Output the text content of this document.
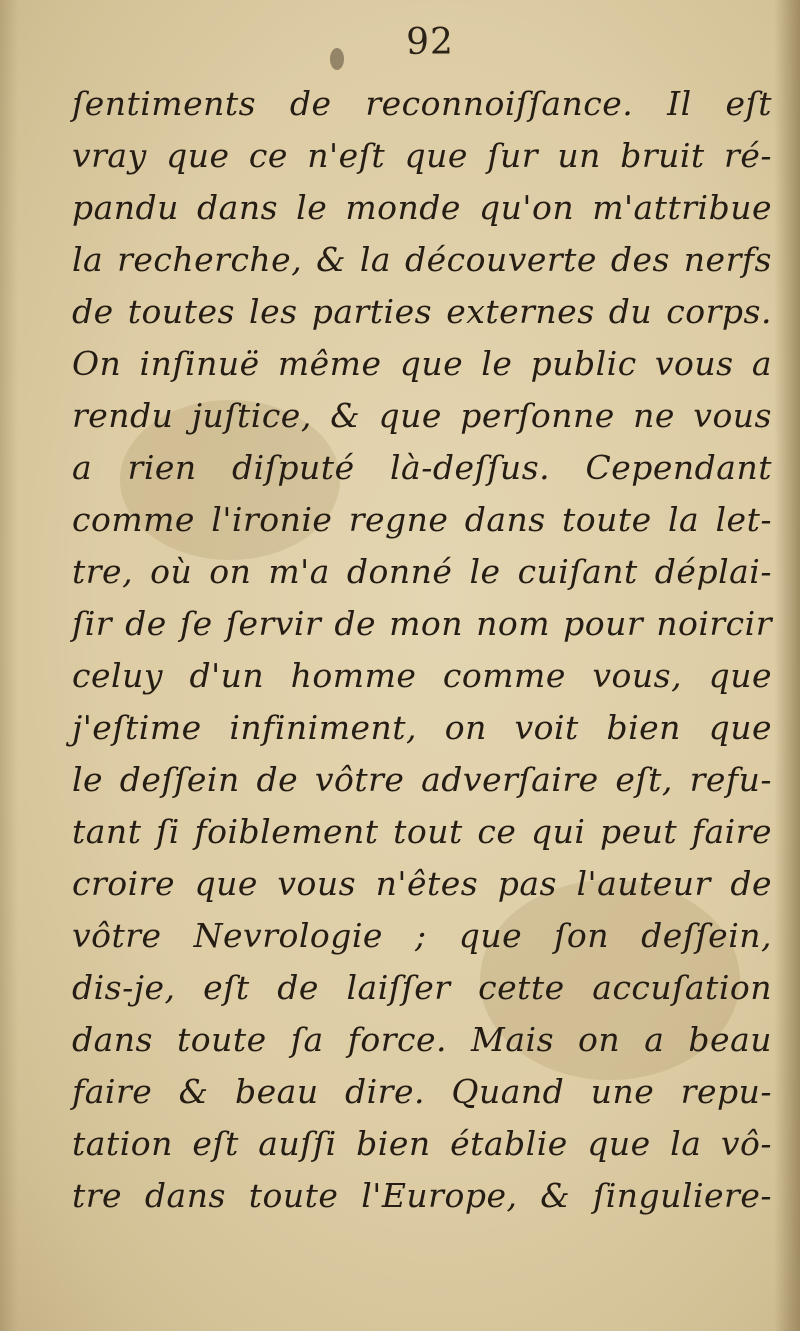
92
ſentiments de reconnoiſſance. Il eſt
vray que ce n'eſt que ſur un bruit ré-
pandu dans le monde qu'on m'attribue
la recherche, & la découverte des nerfs
de toutes les parties externes du corps.
On inſinuë même que le public vous a
rendu juſtice, & que perſonne ne vous
a rien diſputé là-deſſus. Cependant
comme l'ironie regne dans toute la let-
tre, où on m'a donné le cuiſant déplai-
ſir de ſe ſervir de mon nom pour noircir
celuy d'un homme comme vous, que
j'eſtime infiniment, on voit bien que
le deſſein de vôtre adverſaire eſt, refu-
tant ſi foiblement tout ce qui peut faire
croire que vous n'êtes pas l'auteur de
vôtre Nevrologie ; que ſon deſſein,
dis-je, eſt de laiſſer cette accuſation
dans toute ſa force. Mais on a beau
faire & beau dire. Quand une repu-
tation eſt auſſi bien établie que la vô-
tre dans toute l'Europe, & ſinguliere-
